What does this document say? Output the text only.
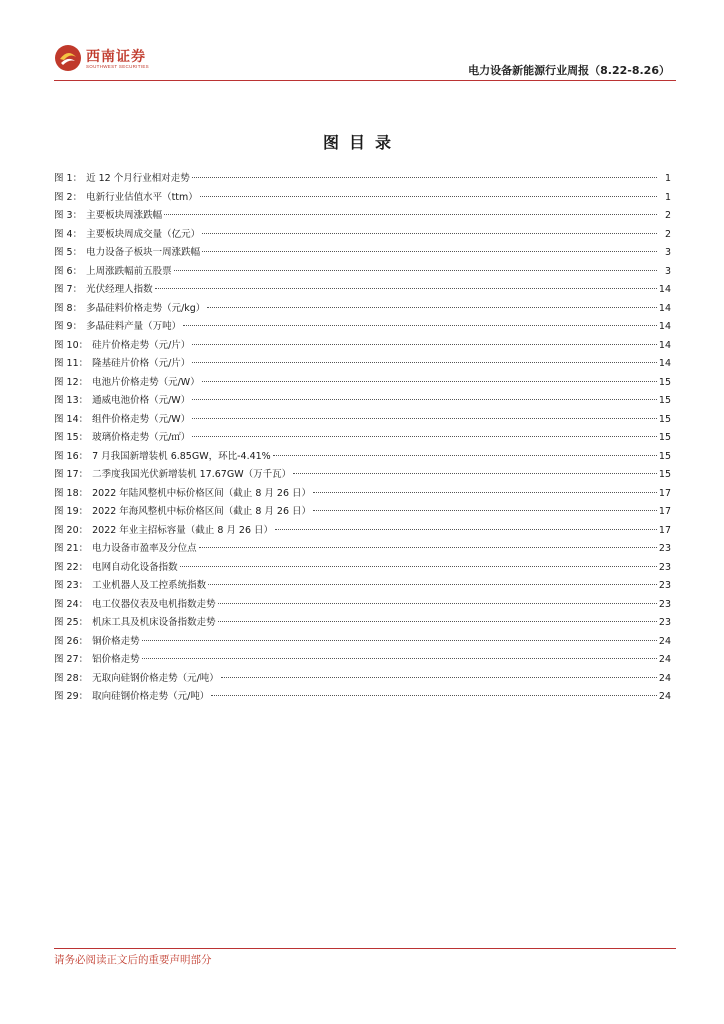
西南证券
SOUTHWEST SECURITIES	电力设备新能源行业周报（8.22-8.26）
图目录
图 1： 近 12 个月行业相对走势	1
图 2： 电新行业估值水平（ttm）	1
图 3： 主要板块周涨跌幅	2
图 4： 主要板块周成交量（亿元）	2
图 5： 电力设备子板块一周涨跌幅	3
图 6： 上周涨跌幅前五股票	3
图 7： 光伏经理人指数	14
图 8： 多晶硅料价格走势（元/kg）	14
图 9： 多晶硅料产量（万吨）	14
图 10： 硅片价格走势（元/片）	14
图 11： 隆基硅片价格（元/片）	14
图 12： 电池片价格走势（元/W）	15
图 13： 通威电池价格（元/W）	15
图 14： 组件价格走势（元/W）	15
图 15： 玻璃价格走势（元/㎡）	15
图 16： 7 月我国新增装机 6.85GW，环比-4.41%	15
图 17： 二季度我国光伏新增装机 17.67GW（万千瓦）	15
图 18： 2022 年陆风整机中标价格区间（截止 8 月 26 日）	17
图 19： 2022 年海风整机中标价格区间（截止 8 月 26 日）	17
图 20： 2022 年业主招标容量（截止 8 月 26 日）	17
图 21： 电力设备市盈率及分位点	23
图 22： 电网自动化设备指数	23
图 23： 工业机器人及工控系统指数	23
图 24： 电工仪器仪表及电机指数走势	23
图 25： 机床工具及机床设备指数走势	23
图 26： 铜价格走势	24
图 27： 铝价格走势	24
图 28： 无取向硅钢价格走势（元/吨）	24
图 29： 取向硅钢价格走势（元/吨）	24
请务必阅读正文后的重要声明部分
